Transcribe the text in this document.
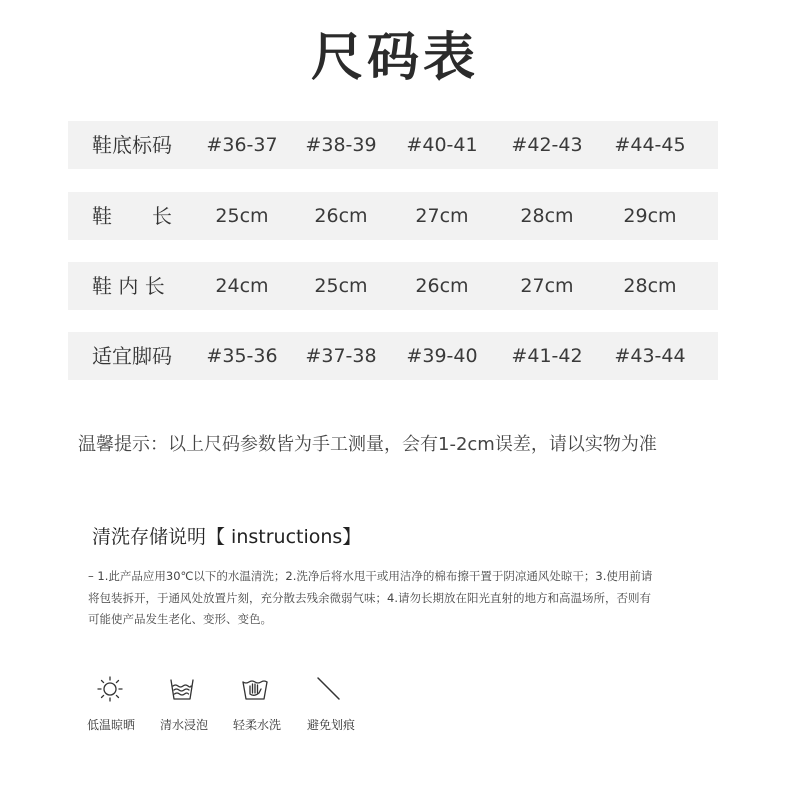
尺码表
鞋底标码 #36-37 #38-39 #40-41 #42-43 #44-45
鞋　　长 25cm 26cm	27cm	28cm	29cm
鞋 内 长	24cm 25cm	26cm	27cm	28cm
适宜脚码 #35-36 #37-38 #39-40 #41-42 #43-44
温馨提示：以上尺码参数皆为手工测量，会有1-2cm误差，请以实物为准
清洗存储说明【 instructions】
– 1.此产品应用30℃以下的水温清洗；2.洗净后将水甩干或用洁净的棉布擦干置于阴凉通风处晾干；3.使用前请
将包装拆开，于通风处放置片刻，充分散去残余微弱气味；4.请勿长期放在阳光直射的地方和高温场所，否则有
可能使产品发生老化、变形、变色。
低温晾晒 清水浸泡 轻柔水洗 避免划痕
